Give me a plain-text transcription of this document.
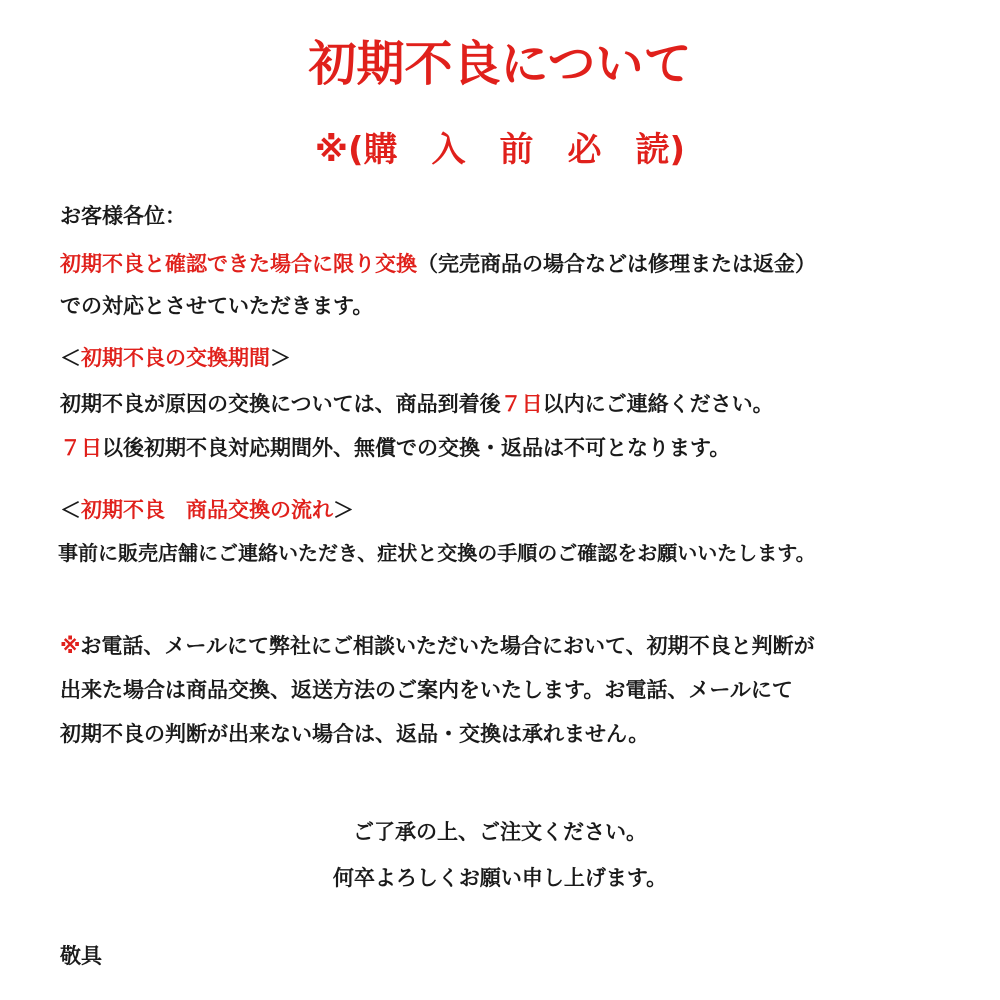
初期不良について
※(購　入　前　必　読)
お客様各位：
初期不良と確認できた場合に限り交換（完売商品の場合などは修理または返金）
での対応とさせていただきます。
＜初期不良の交換期間＞
初期不良が原因の交換については、商品到着後７日以内にご連絡ください。
７日以後初期不良対応期間外、無償での交換・返品は不可となります。
＜初期不良　商品交換の流れ＞
事前に販売店舗にご連絡いただき、症状と交換の手順のご確認をお願いいたします。
※お電話、メールにて弊社にご相談いただいた場合において、初期不良と判断が
出来た場合は商品交換、返送方法のご案内をいたします。お電話、メールにて
初期不良の判断が出来ない場合は、返品・交換は承れません。
ご了承の上、ご注文ください。
何卒よろしくお願い申し上げます。
敬具
